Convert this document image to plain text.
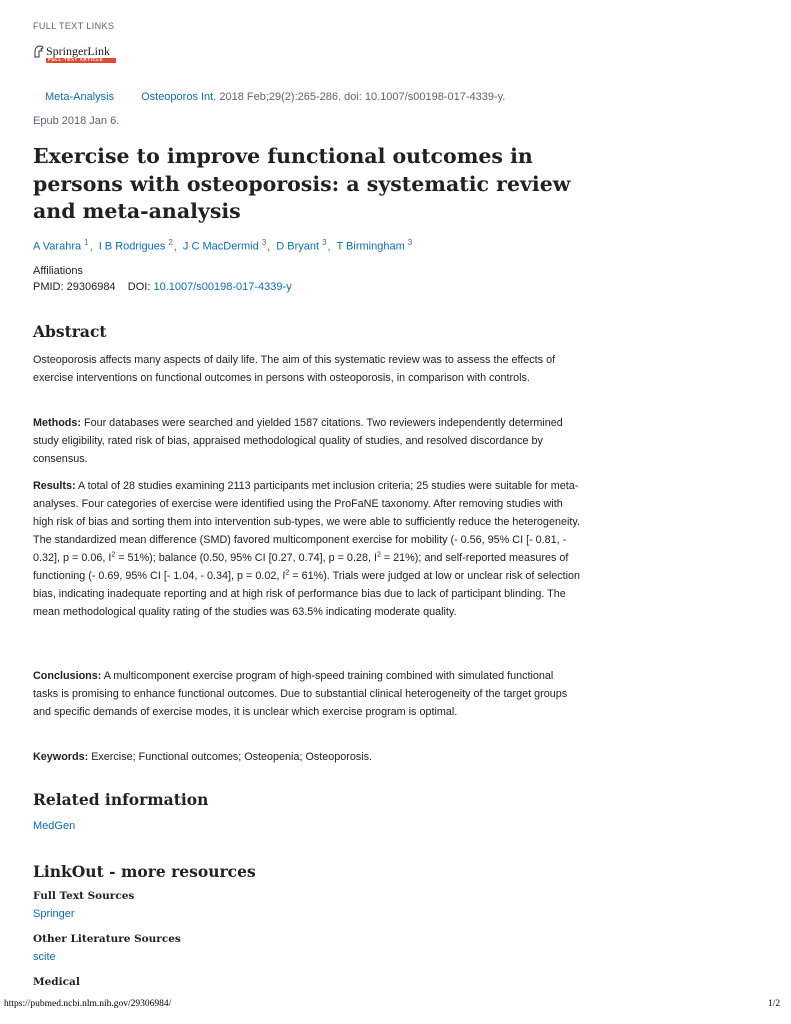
FULL TEXT LINKS
SpringerLink
FULL-TEXT ARTICLE
Meta-Analysis Osteoporos Int. 2018 Feb;29(2):265-286. doi: 10.1007/s00198-017-4339-y.
Epub 2018 Jan 6.
Exercise to improve functional outcomes in persons with osteoporosis: a systematic review and meta-analysis
A Varahra $^1$, I B Rodrigues $^2$, J C MacDermid $^3$, D Bryant $^3$, T Birmingham $^3$
Affiliations
PMID: 29306984 DOI: 10.1007/s00198-017-4339-y
Abstract
Osteoporosis affects many aspects of daily life. The aim of this systematic review was to assess the effects of exercise interventions on functional outcomes in persons with osteoporosis, in comparison with controls.
Methods: Four databases were searched and yielded 1587 citations. Two reviewers independently determined study eligibility, rated risk of bias, appraised methodological quality of studies, and resolved discordance by consensus.
Results: A total of 28 studies examining 2113 participants met inclusion criteria; 25 studies were suitable for meta-analyses. Four categories of exercise were identified using the ProFaNE taxonomy. After removing studies with high risk of bias and sorting them into intervention sub-types, we were able to sufficiently reduce the heterogeneity. The standardized mean difference (SMD) favored multicomponent exercise for mobility (- 0.56, 95% CI [- 0.81, - 0.32], p = 0.06, $I^2 = 51\%$); balance (0.50, 95% CI [0.27, 0.74], p = 0.28, $I^2 = 21\%$); and self-reported measures of functioning (- 0.69, 95% CI [- 1.04, - 0.34], p = 0.02, $I^2 = 61\%$). Trials were judged at low or unclear risk of selection bias, indicating inadequate reporting and at high risk of performance bias due to lack of participant blinding. The mean methodological quality rating of the studies was 63.5% indicating moderate quality.
Conclusions: A multicomponent exercise program of high-speed training combined with simulated functional tasks is promising to enhance functional outcomes. Due to substantial clinical heterogeneity of the target groups and specific demands of exercise modes, it is unclear which exercise program is optimal.
Keywords: Exercise; Functional outcomes; Osteopenia; Osteoporosis.
Related information
MedGen
LinkOut - more resources
Full Text Sources
Springer
Other Literature Sources
scite
Medical
https://pubmed.ncbi.nlm.nih.gov/29306984/	1/2
